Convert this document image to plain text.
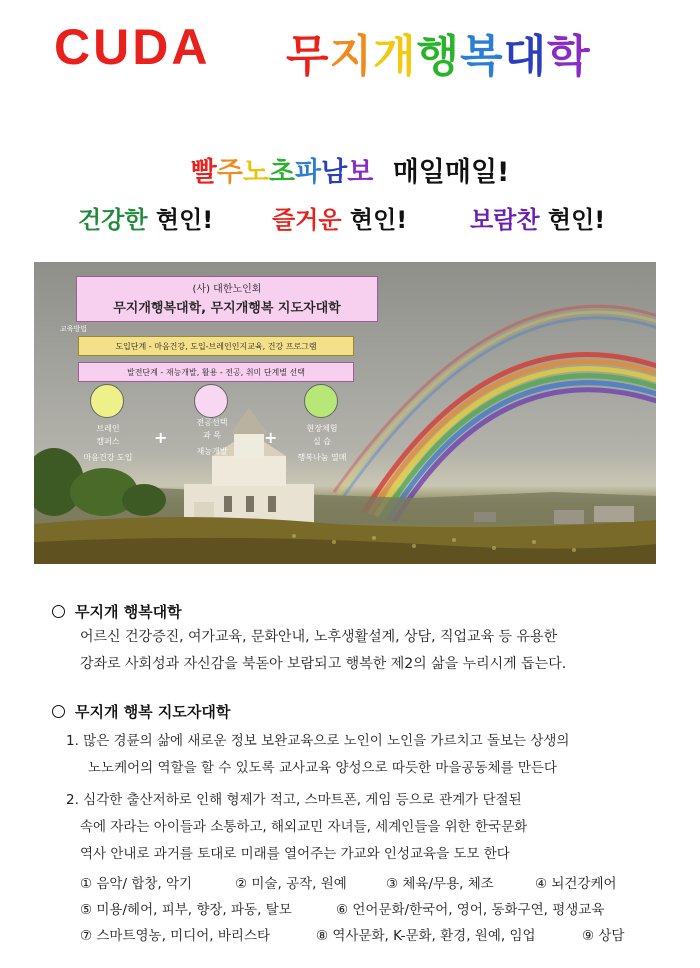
CUDA 무지개행복대학
빨주노초파남보 매일매일!
건강한 현인! 즐거운 현인!	보람찬 현인!
(사) 대한노인회
무지개행복대학, 무지개행복 지도자대학
교육방법
도입단계 - 마음건강, 도입-브레인인지교육, 건강 프로그램
발전단계 - 재능개발, 활용 - 전공, 취미 단계별 선택
브레인
캠퍼스
마음건강 도입
전공선택
과 목
재능개발
현장체험
실 습
행복나눔 열매
+	+
무지개 행복대학
어르신 건강증진, 여가교육, 문화안내, 노후생활설계, 상담, 직업교육 등 유용한
강좌로 사회성과 자신감을 북돋아 보람되고 행복한 제2의 삶을 누리시게 돕는다.
무지개 행복 지도자대학
1. 많은 경륜의 삶에 새로운 정보 보완교육으로 노인이 노인을 가르치고 돌보는 상생의
노노케어의 역할을 할 수 있도록 교사교육 양성으로 따듯한 마을공동체를 만든다
2. 심각한 출산저하로 인해 형제가 적고, 스마트폰, 게임 등으로 관계가 단절된
속에 자라는 아이들과 소통하고, 해외교민 자녀들, 세계인들을 위한 한국문화
역사 안내로 과거를 토대로 미래를 열어주는 가교와 인성교육을 도모 한다
① 음악/ 합창, 악기	② 미술, 공작, 원예	③ 체육/무용, 체조	④ 뇌건강케어
⑤ 미용/헤어, 피부, 향장, 파동, 탈모	⑥ 언어문화/한국어, 영어, 동화구연, 평생교육
⑦ 스마트영농, 미디어, 바리스타	⑧ 역사문화, K-문화, 환경, 원예, 임업	⑨ 상담
